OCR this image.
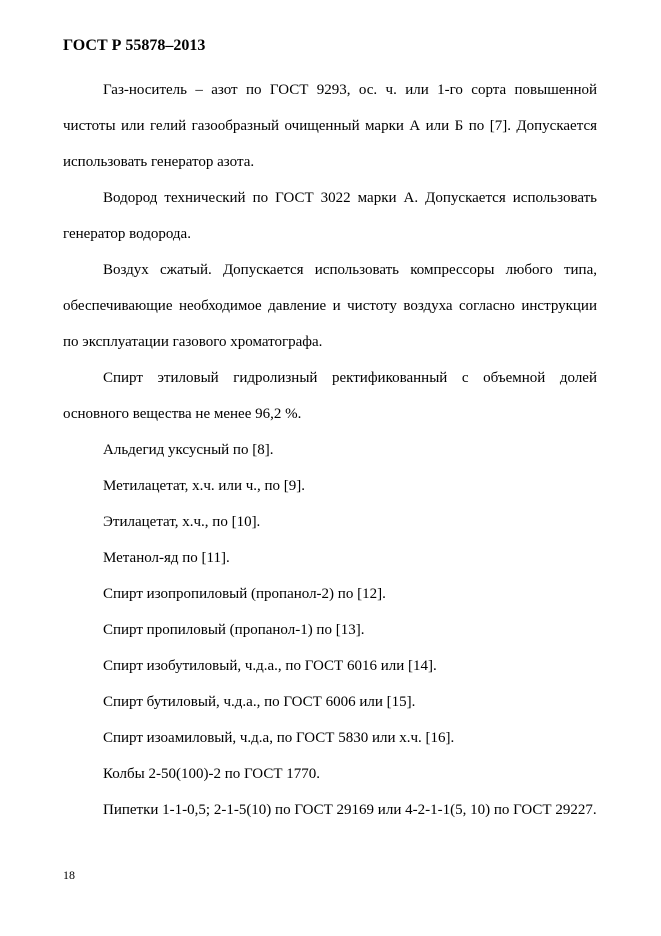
ГОСТ Р 55878–2013

Газ-носитель – азот по ГОСТ 9293, ос. ч. или 1-го сорта повышенной чистоты или гелий газообразный очищенный марки А или Б по [7]. Допускается использовать генератор азота.

Водород технический по ГОСТ 3022 марки А. Допускается использовать генератор водорода.

Воздух сжатый. Допускается использовать компрессоры любого типа, обеспечивающие необходимое давление и чистоту воздуха согласно инструкции по эксплуатации газового хроматографа.

Спирт этиловый гидролизный ректификованный с объемной долей основного вещества не менее 96,2 %.

Альдегид уксусный по [8].

Метилацетат, х.ч. или ч., по [9].

Этилацетат, х.ч., по [10].

Метанол-яд по [11].

Спирт изопропиловый (пропанол-2) по [12].

Спирт пропиловый (пропанол-1) по [13].

Спирт изобутиловый, ч.д.а., по ГОСТ 6016 или [14].

Спирт бутиловый, ч.д.а., по ГОСТ 6006 или [15].

Спирт изоамиловый, ч.д.а, по ГОСТ 5830 или х.ч. [16].

Колбы 2-50(100)-2 по ГОСТ 1770.

Пипетки 1-1-0,5; 2-1-5(10) по ГОСТ 29169 или 4-2-1-1(5, 10) по ГОСТ 29227.

18
